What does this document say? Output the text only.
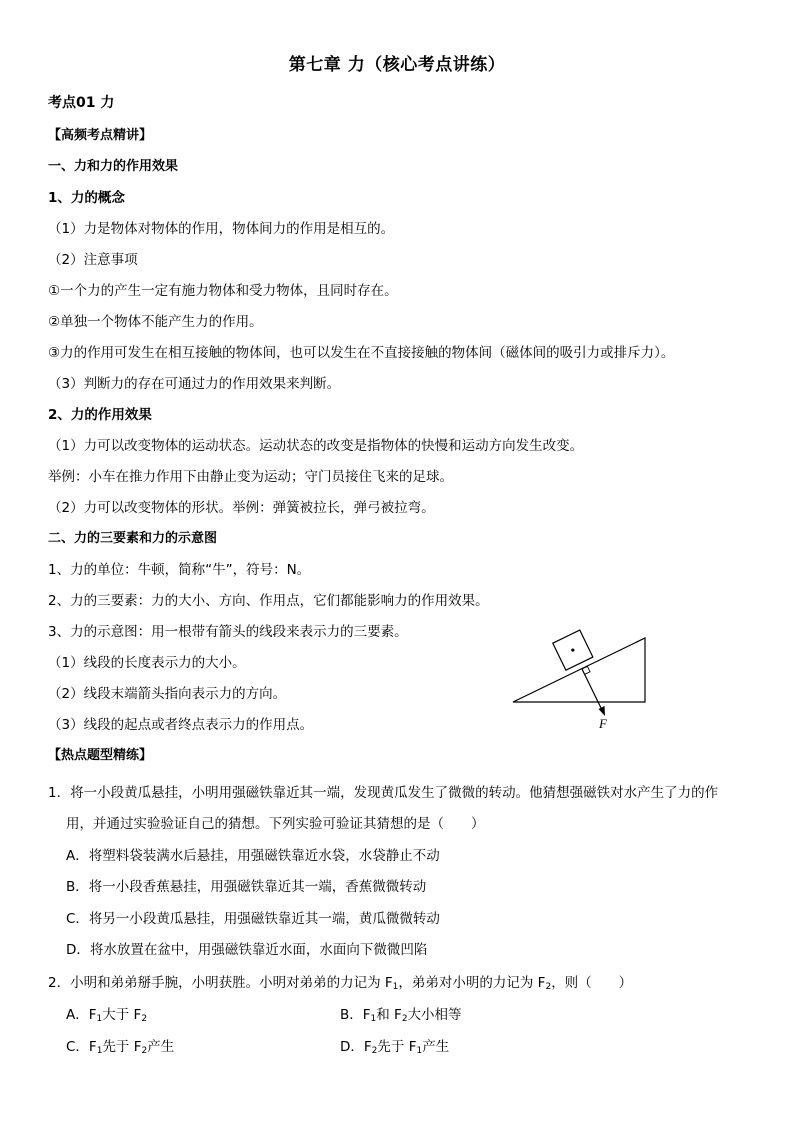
第七章 力（核心考点讲练）
考点01 力
【高频考点精讲】
一、力和力的作用效果
1、力的概念
（1）力是物体对物体的作用，物体间力的作用是相互的。
（2）注意事项
①一个力的产生一定有施力物体和受力物体，且同时存在。
②单独一个物体不能产生力的作用。
③力的作用可发生在相互接触的物体间，也可以发生在不直接接触的物体间（磁体间的吸引力或排斥力）。
（3）判断力的存在可通过力的作用效果来判断。
2、力的作用效果
（1）力可以改变物体的运动状态。运动状态的改变是指物体的快慢和运动方向发生改变。
举例：小车在推力作用下由静止变为运动；守门员接住飞来的足球。
（2）力可以改变物体的形状。举例：弹簧被拉长，弹弓被拉弯。
二、力的三要素和力的示意图
1、力的单位：牛顿，简称“牛”，符号：N。
2、力的三要素：力的大小、方向、作用点，它们都能影响力的作用效果。
3、力的示意图：用一根带有箭头的线段来表示力的三要素。
（1）线段的长度表示力的大小。
（2）线段末端箭头指向表示力的方向。
（3）线段的起点或者终点表示力的作用点。	F
【热点题型精练】
1．将一小段黄瓜悬挂，小明用强磁铁靠近其一端，发现黄瓜发生了微微的转动。他猜想强磁铁对水产生了力的作
用，并通过实验验证自己的猜想。下列实验可验证其猜想的是（　　）
A．将塑料袋装满水后悬挂，用强磁铁靠近水袋，水袋静止不动
B．将一小段香蕉悬挂，用强磁铁靠近其一端，香蕉微微转动
C．将另一小段黄瓜悬挂，用强磁铁靠近其一端，黄瓜微微转动
D．将水放置在盆中，用强磁铁靠近水面，水面向下微微凹陷
2．小明和弟弟掰手腕，小明获胜。小明对弟弟的力记为 $F_1$，弟弟对小明的力记为 $F_2$，则（　　）
A．$F_1$大于 $F_2$	B．$F_1$和 $F_2$大小相等
C．$F_1$先于 $F_2$产生	D．$F_2$先于 $F_1$产生
